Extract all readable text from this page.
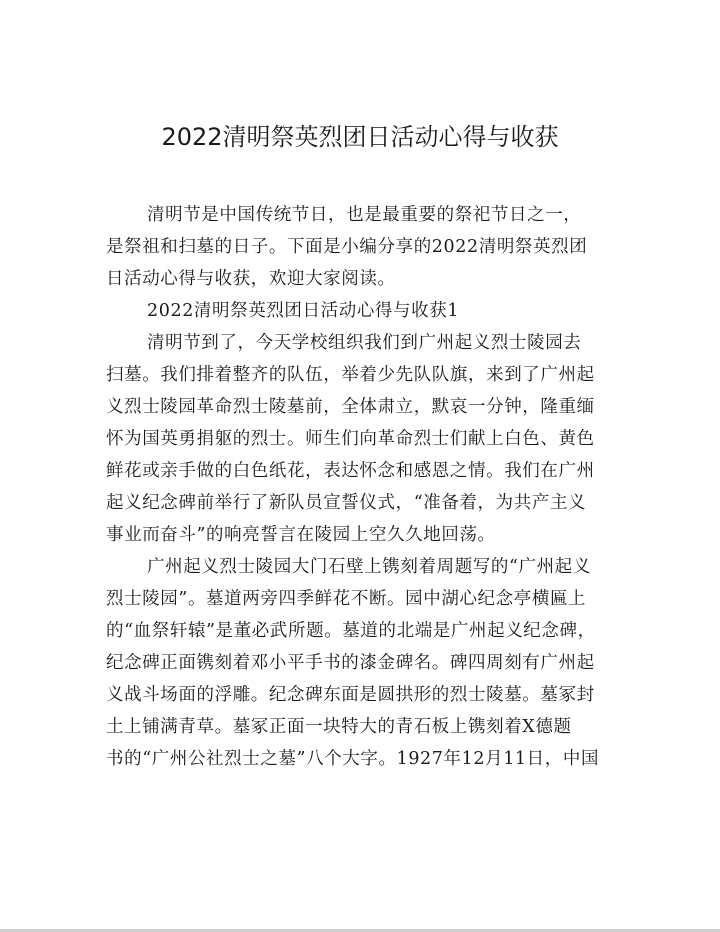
2022清明祭英烈团日活动心得与收获
清明节是中国传统节日，也是最重要的祭祀节日之一，
是祭祖和扫墓的日子。下面是小编分享的2022清明祭英烈团
日活动心得与收获，欢迎大家阅读。
2022清明祭英烈团日活动心得与收获1
清明节到了，今天学校组织我们到广州起义烈士陵园去
扫墓。我们排着整齐的队伍，举着少先队队旗，来到了广州起
义烈士陵园革命烈士陵墓前，全体肃立，默哀一分钟，隆重缅
怀为国英勇捐躯的烈士。师生们向革命烈士们献上白色、黄色
鲜花或亲手做的白色纸花，表达怀念和感恩之情。我们在广州
起义纪念碑前举行了新队员宣誓仪式，“准备着，为共产主义
事业而奋斗”的响亮誓言在陵园上空久久地回荡。
广州起义烈士陵园大门石壁上镌刻着周题写的“广州起义
烈士陵园”。墓道两旁四季鲜花不断。园中湖心纪念亭横匾上
的“血祭轩辕”是董必武所题。墓道的北端是广州起义纪念碑，
纪念碑正面镌刻着邓小平手书的漆金碑名。碑四周刻有广州起
义战斗场面的浮雕。纪念碑东面是圆拱形的烈士陵墓。墓冢封
土上铺满青草。墓冢正面一块特大的青石板上镌刻着X德题
书的“广州公社烈士之墓”八个大字。1927年12月11日，中国
